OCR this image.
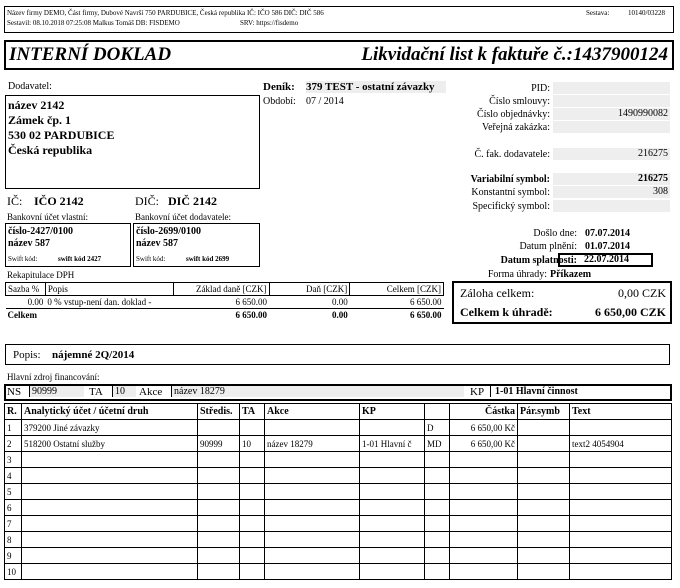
Název firmy DEMO, Část firmy, Dubové Navrší 750 PARDUBICE, Česká republika IČ: IČO 586 DIČ: DIČ 586
Sestavil: 08.10.2018 07:25:08 Malkus Tomáš DB: FISDEMO	SRV: https://fisdemo
Sestava:	10140/03228
INTERNÍ DOKLAD	Likvidační list k faktuře č.:1437900124
Dodavatel:
název 2142
Zámek čp. 1
530 02 PARDUBICE
Česká republika
IČ: IČO 2142	DIČ: DIČ 2142
Deník: 379 TEST - ostatní závazky
Období: 07 / 2014
PID:
Číslo smlouvy:
Číslo objednávky:	1490990082
Veřejná zakázka:
Č. fak. dodavatele:	216275
Variabilní symbol:	216275
Konstantní symbol:	308
Specifický symbol:
Bankovní účet vlastní:
číslo-2427/0100
název 587
Swift kód:	swift kód 2427
Bankovní účet dodavatele:
číslo-2699/0100
název 587
Swift kód:	swift kód 2699
Došlo dne: 07.07.2014
Datum plnění: 01.07.2014
Datum splatnosti: 22.07.2014
Forma úhrady: Příkazem
Rekapitulace DPH
Sazba %	Popis	Základ daně [CZK]	Daň [CZK]	Celkem [CZK]
0.00	0 % vstup-není dan. doklad -	6 650.00	0.00	6 650.00
Celkem		6 650.00	0.00	6 650.00
Záloha celkem:	0,00 CZK
Celkem k úhradě:	6 650,00 CZK
Popis: nájemné 2Q/2014
Hlavní zdroj financování:
NS	90999	TA	10	Akce	název 18279	KP	1-01 Hlavní činnost
R.	Analytický účet / účetní druh	Středis.	TA	Akce	KP		Částka	Pár.symb	Text
1	379200 Jiné závazky					D	6 650,00 Kč		
2	518200 Ostatní služby	90999	10	název 18279	1-01 Hlavní č	MD	6 650,00 Kč		text2 4054904
3									
4									
5									
6									
7									
8									
9									
10									
